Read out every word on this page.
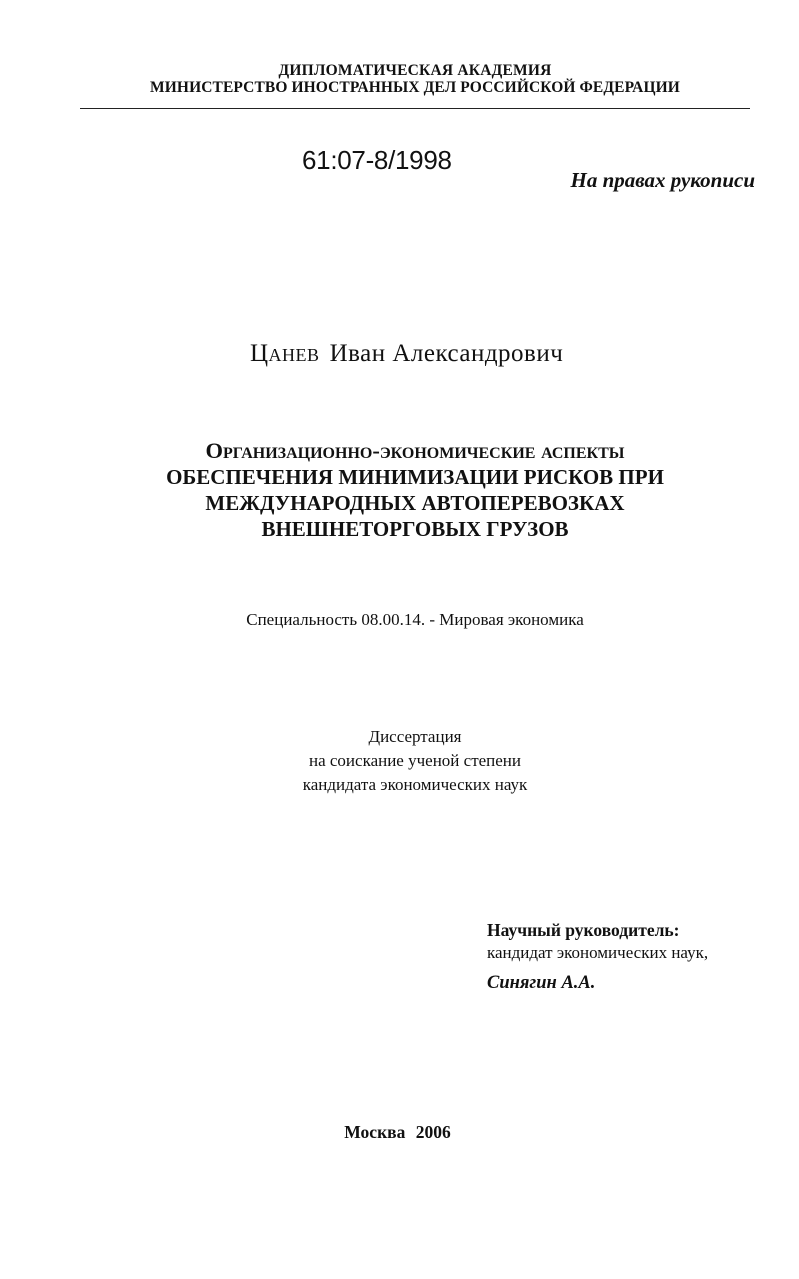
ДИПЛОМАТИЧЕСКАЯ АКАДЕМИЯ
МИНИСТЕРСТВО ИНОСТРАННЫХ ДЕЛ РОССИЙСКОЙ ФЕДЕРАЦИИ
61:07-8/1998
На правах рукописи
Цанев Иван Александрович
Организационно-экономические аспекты
ОБЕСПЕЧЕНИЯ МИНИМИЗАЦИИ РИСКОВ ПРИ
МЕЖДУНАРОДНЫХ АВТОПЕРЕВОЗКАХ
ВНЕШНЕТОРГОВЫХ ГРУЗОВ
Специальность 08.00.14. - Мировая экономика
Диссертация
на соискание ученой степени
кандидата экономических наук
Научный руководитель:
кандидат экономических наук,
Синягин А.А.
Москва 2006
